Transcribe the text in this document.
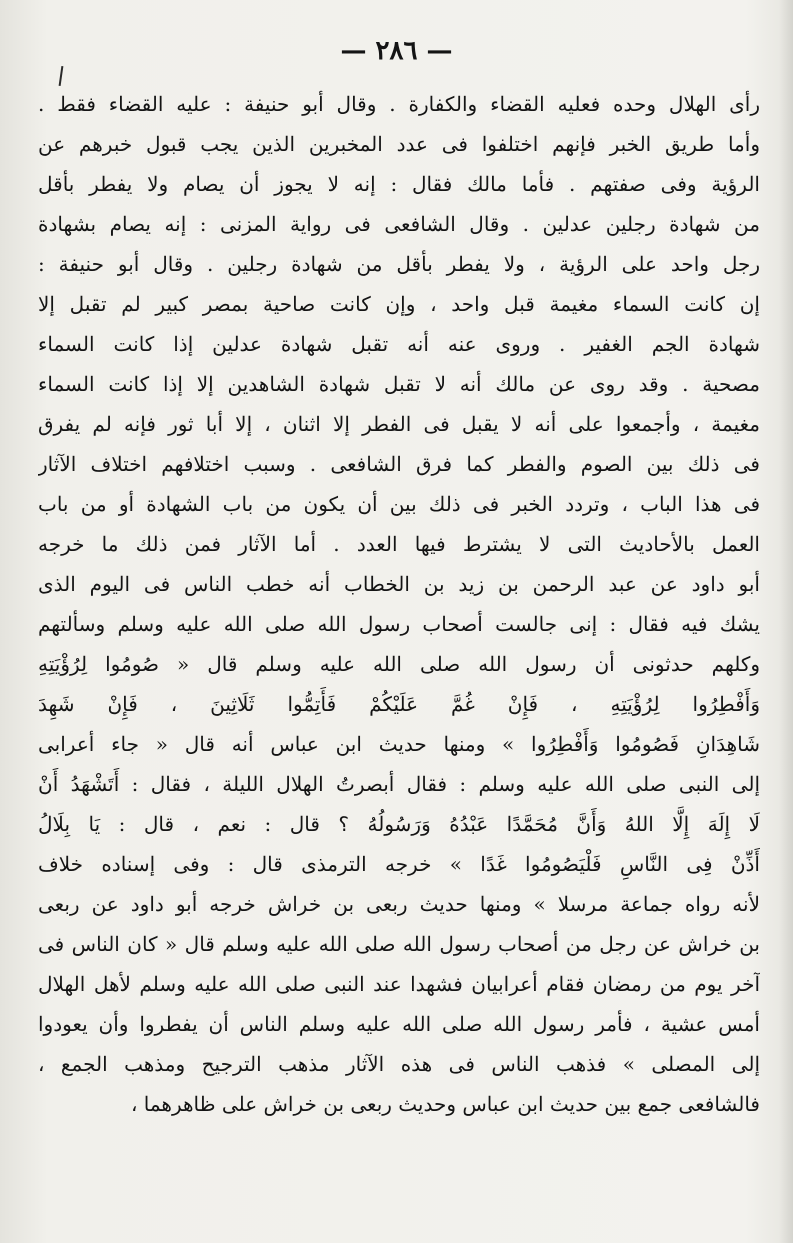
— ٢٨٦ —
رأى الهلال وحده فعليه القضاء والكفارة . وقال أبو حنيفة : عليه القضاء فقط .
وأما طريق الخبر فإنهم اختلفوا فى عدد المخبرين الذين يجب قبول خبرهم عن
الرؤية وفى صفتهم . فأما مالك فقال : إنه لا يجوز أن يصام ولا يفطر بأقل
من شهادة رجلين عدلين . وقال الشافعى فى رواية المزنى : إنه يصام بشهادة
رجل واحد على الرؤية ، ولا يفطر بأقل من شهادة رجلين . وقال أبو حنيفة :
إن كانت السماء مغيمة قبل واحد ، وإن كانت صاحية بمصر كبير لم تقبل إلا
شهادة الجم الغفير . وروى عنه أنه تقبل شهادة عدلين إذا كانت السماء
مصحية . وقد روى عن مالك أنه لا تقبل شهادة الشاهدين إلا إذا كانت السماء
مغيمة ، وأجمعوا على أنه لا يقبل فى الفطر إلا اثنان ، إلا أبا ثور فإنه لم يفرق
فى ذلك بين الصوم والفطر كما فرق الشافعى . وسبب اختلافهم اختلاف الآثار
فى هذا الباب ، وتردد الخبر فى ذلك بين أن يكون من باب الشهادة أو من باب
العمل بالأحاديث التى لا يشترط فيها العدد . أما الآثار فمن ذلك ما خرجه
أبو داود عن عبد الرحمن بن زيد بن الخطاب أنه خطب الناس فى اليوم الذى
يشك فيه فقال : إنى جالست أصحاب رسول الله صلى الله عليه وسلم وسألتهم
وكلهم حدثونى أن رسول الله صلى الله عليه وسلم قال « صُومُوا لِرُؤْيَتِهِ
وَأَفْطِرُوا لِرُؤْيَتِهِ ، فَإِنْ غُمَّ عَلَيْكُمْ فَأَتِمُّوا ثَلَاثِينَ ، فَإِنْ شَهِدَ
شَاهِدَانِ فَصُومُوا وَأَفْطِرُوا » ومنها حديث ابن عباس أنه قال « جاء أعرابى
إلى النبى صلى الله عليه وسلم : فقال أبصرتُ الهلال الليلة ، فقال : أَتَشْهَدُ أَنْ
لَا إِلَهَ إِلَّا اللهُ وَأَنَّ مُحَمَّدًا عَبْدُهُ وَرَسُولُهُ ؟ قال : نعم ، قال : يَا بِلَالُ
أَذِّنْ فِى النَّاسِ فَلْيَصُومُوا غَدًا » خرجه الترمذى قال : وفى إسناده خلاف
لأنه رواه جماعة مرسلا » ومنها حديث ربعى بن خراش خرجه أبو داود عن ربعى
بن خراش عن رجل من أصحاب رسول الله صلى الله عليه وسلم قال « كان الناس فى
آخر يوم من رمضان فقام أعرابيان فشهدا عند النبى صلى الله عليه وسلم لأهل الهلال
أمس عشية ، فأمر رسول الله صلى الله عليه وسلم الناس أن يفطروا وأن يعودوا
إلى المصلى » فذهب الناس فى هذه الآثار مذهب الترجيح ومذهب الجمع ،
فالشافعى جمع بين حديث ابن عباس وحديث ربعى بن خراش على ظاهرهما ،
